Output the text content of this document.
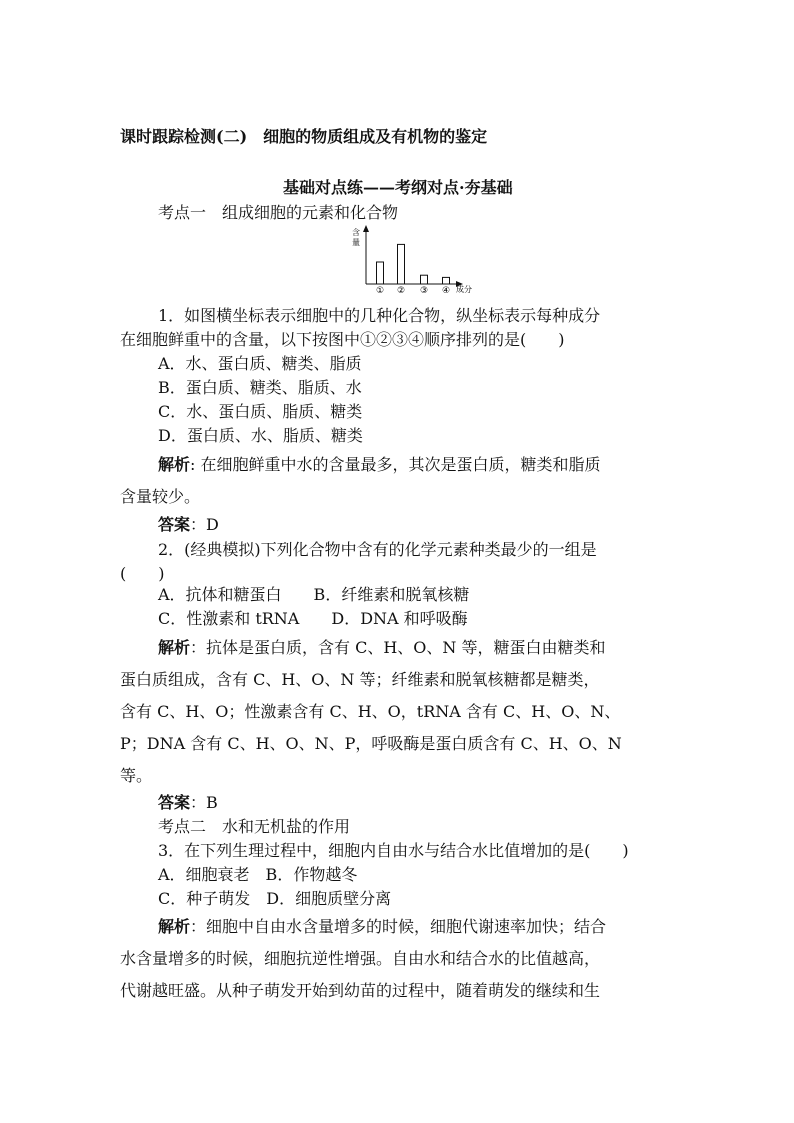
课时跟踪检测(二)　细胞的物质组成及有机物的鉴定
基础对点练——考纲对点·夯基础
考点一　组成细胞的元素和化合物
含
量
成分
① ② ③ ④
1．如图横坐标表示细胞中的几种化合物，纵坐标表示每种成分
在细胞鲜重中的含量，以下按图中①②③④顺序排列的是(　　)
A．水、蛋白质、糖类、脂质
B．蛋白质、糖类、脂质、水
C．水、蛋白质、脂质、糖类
D．蛋白质、水、脂质、糖类
解析: 在细胞鲜重中水的含量最多，其次是蛋白质，糖类和脂质
含量较少。
答案：D
2．(经典模拟)下列化合物中含有的化学元素种类最少的一组是
(　　)
A．抗体和糖蛋白　　B．纤维素和脱氧核糖
C．性激素和 tRNA　　D．DNA 和呼吸酶
解析：抗体是蛋白质，含有 C、H、O、N 等，糖蛋白由糖类和
蛋白质组成，含有 C、H、O、N 等；纤维素和脱氧核糖都是糖类，
含有 C、H、O；性激素含有 C、H、O，tRNA 含有 C、H、O、N、
P；DNA 含有 C、H、O、N、P，呼吸酶是蛋白质含有 C、H、O、N
等。
答案：B
考点二　水和无机盐的作用
3．在下列生理过程中，细胞内自由水与结合水比值增加的是(　　)
A．细胞衰老　B．作物越冬
C．种子萌发　D．细胞质壁分离
解析：细胞中自由水含量增多的时候，细胞代谢速率加快；结合
水含量增多的时候，细胞抗逆性增强。自由水和结合水的比值越高，
代谢越旺盛。从种子萌发开始到幼苗的过程中，随着萌发的继续和生
